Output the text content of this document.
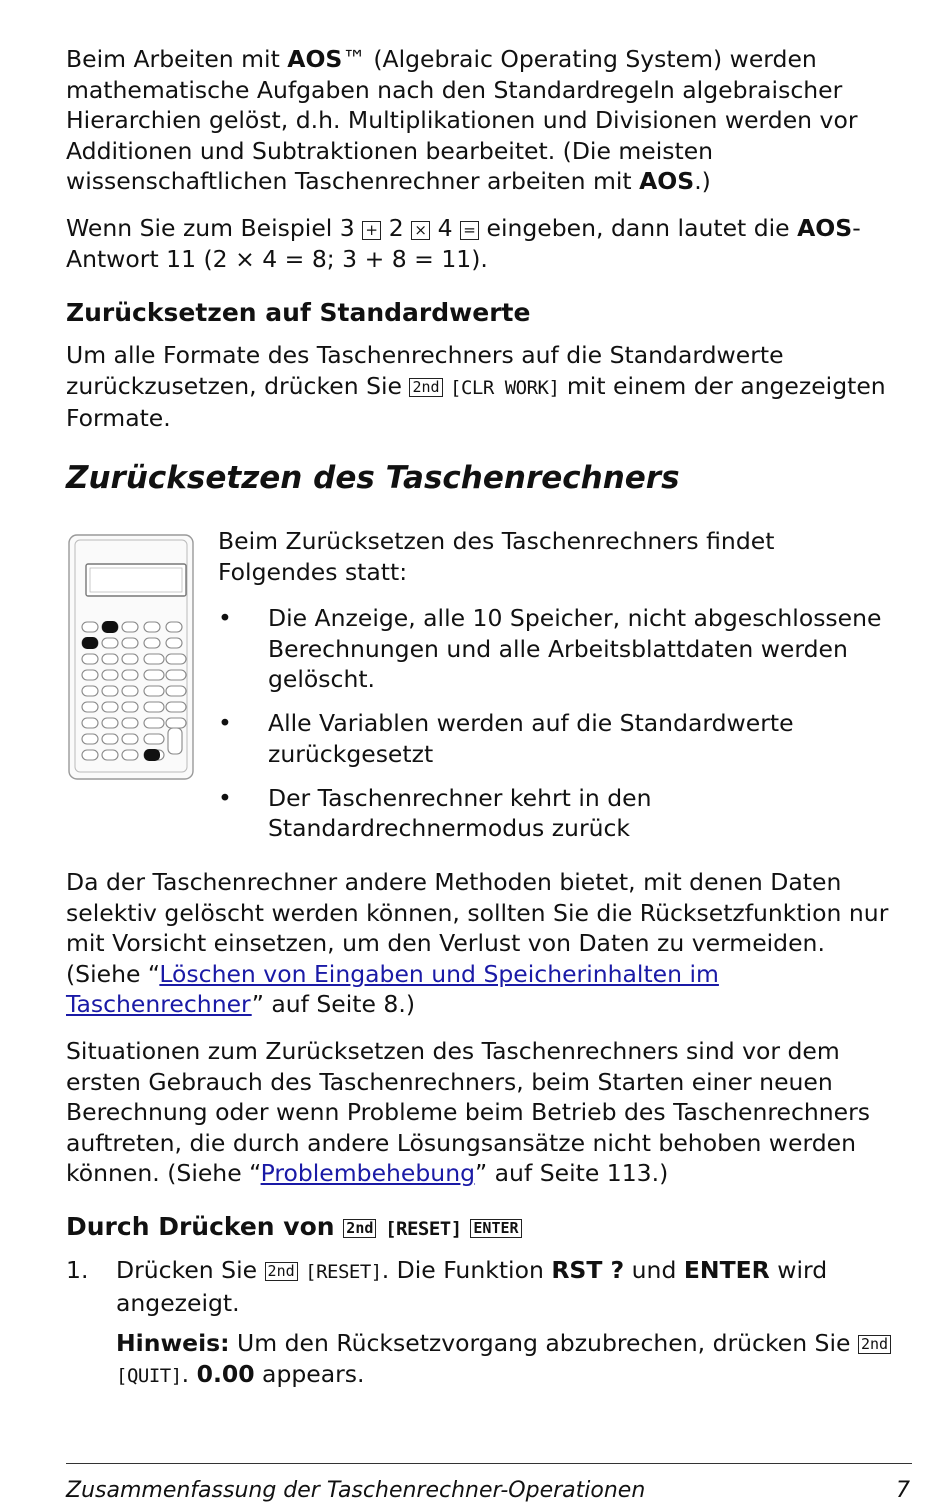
Beim Arbeiten mit AOS™ (Algebraic Operating System) werden mathematische Aufgaben nach den Standardregeln algebraischer Hierarchien gelöst, d.h. Multiplikationen und Divisionen werden vor Additionen und Subtraktionen bearbeitet. (Die meisten wissenschaftlichen Taschenrechner arbeiten mit AOS.)

Wenn Sie zum Beispiel 3 + 2 × 4 = eingeben, dann lautet die AOS-Antwort 11 (2 × 4 = 8; 3 + 8 = 11).

Zurücksetzen auf Standardwerte

Um alle Formate des Taschenrechners auf die Standardwerte zurückzusetzen, drücken Sie 2nd [CLR WORK] mit einem der angezeigten Formate.

Zurücksetzen des Taschenrechners

Beim Zurücksetzen des Taschenrechners findet Folgendes statt:

• Die Anzeige, alle 10 Speicher, nicht abgeschlossene Berechnungen und alle Arbeitsblattdaten werden gelöscht.
• Alle Variablen werden auf die Standardwerte zurückgesetzt
• Der Taschenrechner kehrt in den Standardrechnermodus zurück

Da der Taschenrechner andere Methoden bietet, mit denen Daten selektiv gelöscht werden können, sollten Sie die Rücksetzfunktion nur mit Vorsicht einsetzen, um den Verlust von Daten zu vermeiden. (Siehe “Löschen von Eingaben und Speicherinhalten im Taschenrechner” auf Seite 8.)

Situationen zum Zurücksetzen des Taschenrechners sind vor dem ersten Gebrauch des Taschenrechners, beim Starten einer neuen Berechnung oder wenn Probleme beim Betrieb des Taschenrechners auftreten, die durch andere Lösungsansätze nicht behoben werden können. (Siehe “Problembehebung” auf Seite 113.)

Durch Drücken von 2nd [RESET] ENTER
1. Drücken Sie 2nd [RESET]. Die Funktion RST ? und ENTER wird angezeigt.

Hinweis: Um den Rücksetzvorgang abzubrechen, drücken Sie 2nd [QUIT]. 0.00 appears.

Zusammenfassung der Taschenrechner-Operationen	7
